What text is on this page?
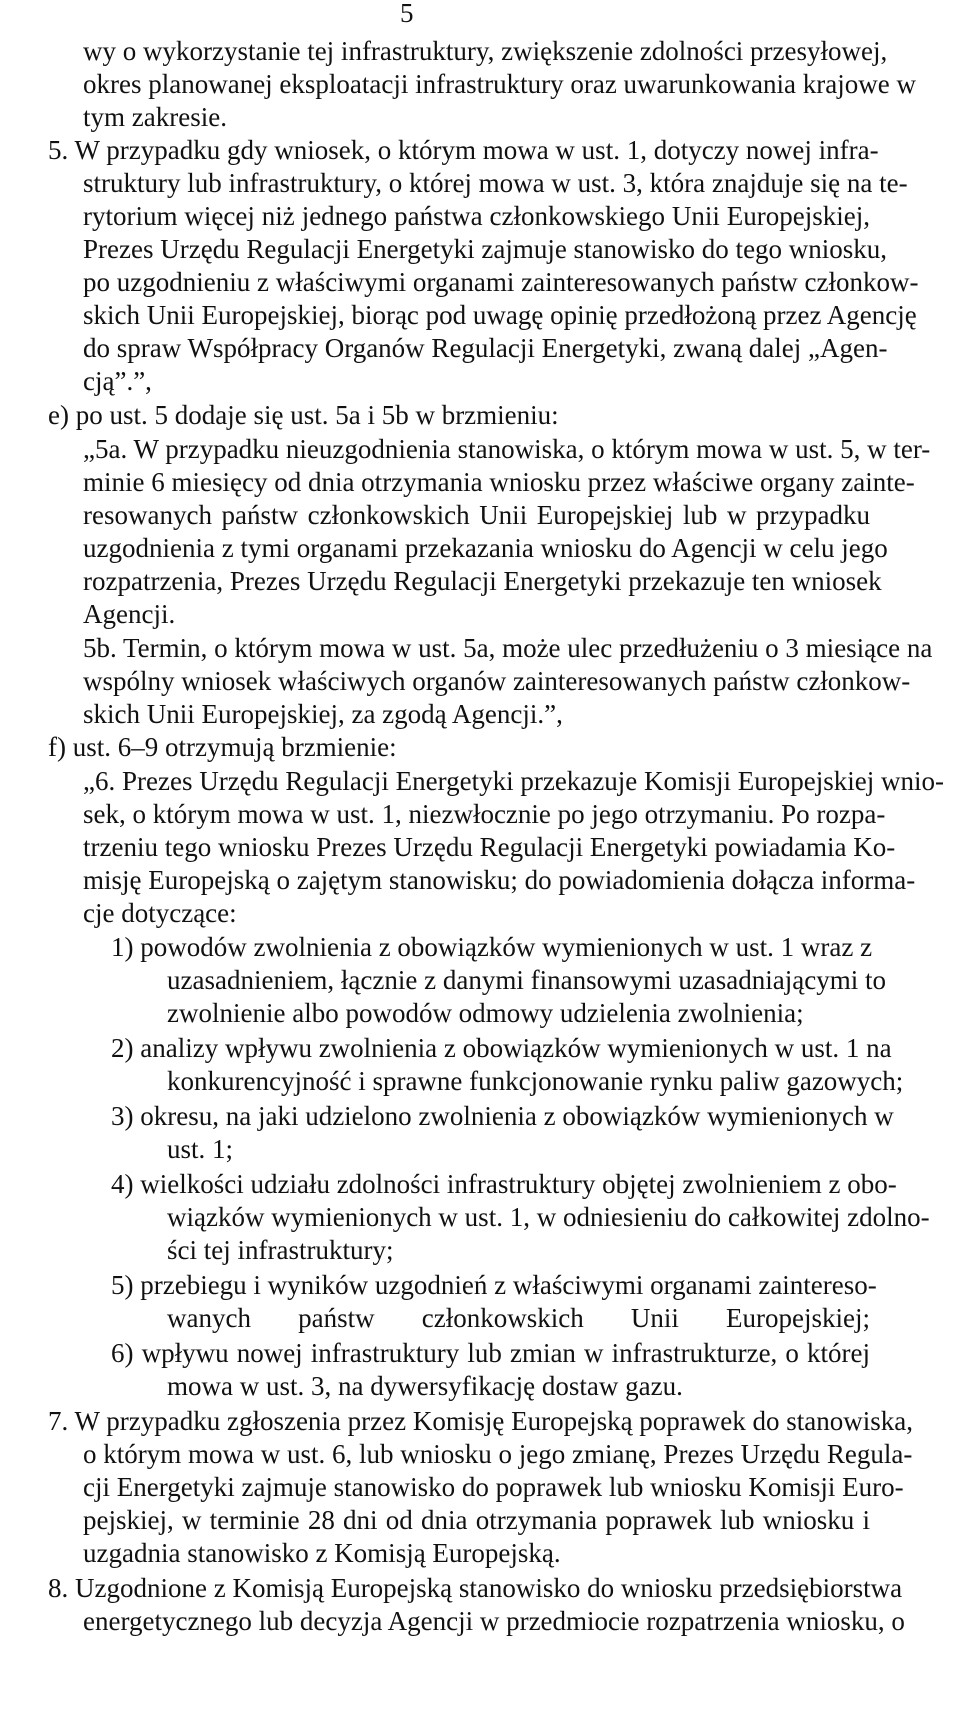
5
wy o wykorzystanie tej infrastruktury, zwiększenie zdolności przesyłowej,
okres planowanej eksploatacji infrastruktury oraz uwarunkowania krajowe w
tym zakresie.
5. W przypadku gdy wniosek, o którym mowa w ust. 1, dotyczy nowej infra-
struktury lub infrastruktury, o której mowa w ust. 3, która znajduje się na te-
rytorium więcej niż jednego państwa członkowskiego Unii Europejskiej,
Prezes Urzędu Regulacji Energetyki zajmuje stanowisko do tego wniosku,
po uzgodnieniu z właściwymi organami zainteresowanych państw członkow-
skich Unii Europejskiej, biorąc pod uwagę opinię przedłożoną przez Agencję
do spraw Współpracy Organów Regulacji Energetyki, zwaną dalej „Agen-
cją”.”,
e) po ust. 5 dodaje się ust. 5a i 5b w brzmieniu:
„5a. W przypadku nieuzgodnienia stanowiska, o którym mowa w ust. 5, w ter-
minie 6 miesięcy od dnia otrzymania wniosku przez właściwe organy zainte-
resowanych państw członkowskich Unii Europejskiej lub w przypadku
uzgodnienia z tymi organami przekazania wniosku do Agencji w celu jego
rozpatrzenia, Prezes Urzędu Regulacji Energetyki przekazuje ten wniosek
Agencji.
5b. Termin, o którym mowa w ust. 5a, może ulec przedłużeniu o 3 miesiące na
wspólny wniosek właściwych organów zainteresowanych państw członkow-
skich Unii Europejskiej, za zgodą Agencji.”,
f) ust. 6–9 otrzymują brzmienie:
„6. Prezes Urzędu Regulacji Energetyki przekazuje Komisji Europejskiej wnio-
sek, o którym mowa w ust. 1, niezwłocznie po jego otrzymaniu. Po rozpa-
trzeniu tego wniosku Prezes Urzędu Regulacji Energetyki powiadamia Ko-
misję Europejską o zajętym stanowisku; do powiadomienia dołącza informa-
cje dotyczące:
1) powodów zwolnienia z obowiązków wymienionych w ust. 1 wraz z
uzasadnieniem, łącznie z danymi finansowymi uzasadniającymi to
zwolnienie albo powodów odmowy udzielenia zwolnienia;
2) analizy wpływu zwolnienia z obowiązków wymienionych w ust. 1 na
konkurencyjność i sprawne funkcjonowanie rynku paliw gazowych;
3) okresu, na jaki udzielono zwolnienia z obowiązków wymienionych w
ust. 1;
4) wielkości udziału zdolności infrastruktury objętej zwolnieniem z obo-
wiązków wymienionych w ust. 1, w odniesieniu do całkowitej zdolno-
ści tej infrastruktury;
5) przebiegu i wyników uzgodnień z właściwymi organami zaintereso-
wanych państw członkowskich Unii Europejskiej;
6) wpływu nowej infrastruktury lub zmian w infrastrukturze, o której
mowa w ust. 3, na dywersyfikację dostaw gazu.
7. W przypadku zgłoszenia przez Komisję Europejską poprawek do stanowiska,
o którym mowa w ust. 6, lub wniosku o jego zmianę, Prezes Urzędu Regula-
cji Energetyki zajmuje stanowisko do poprawek lub wniosku Komisji Euro-
pejskiej, w terminie 28 dni od dnia otrzymania poprawek lub wniosku i
uzgadnia stanowisko z Komisją Europejską.
8. Uzgodnione z Komisją Europejską stanowisko do wniosku przedsiębiorstwa
energetycznego lub decyzja Agencji w przedmiocie rozpatrzenia wniosku, o
